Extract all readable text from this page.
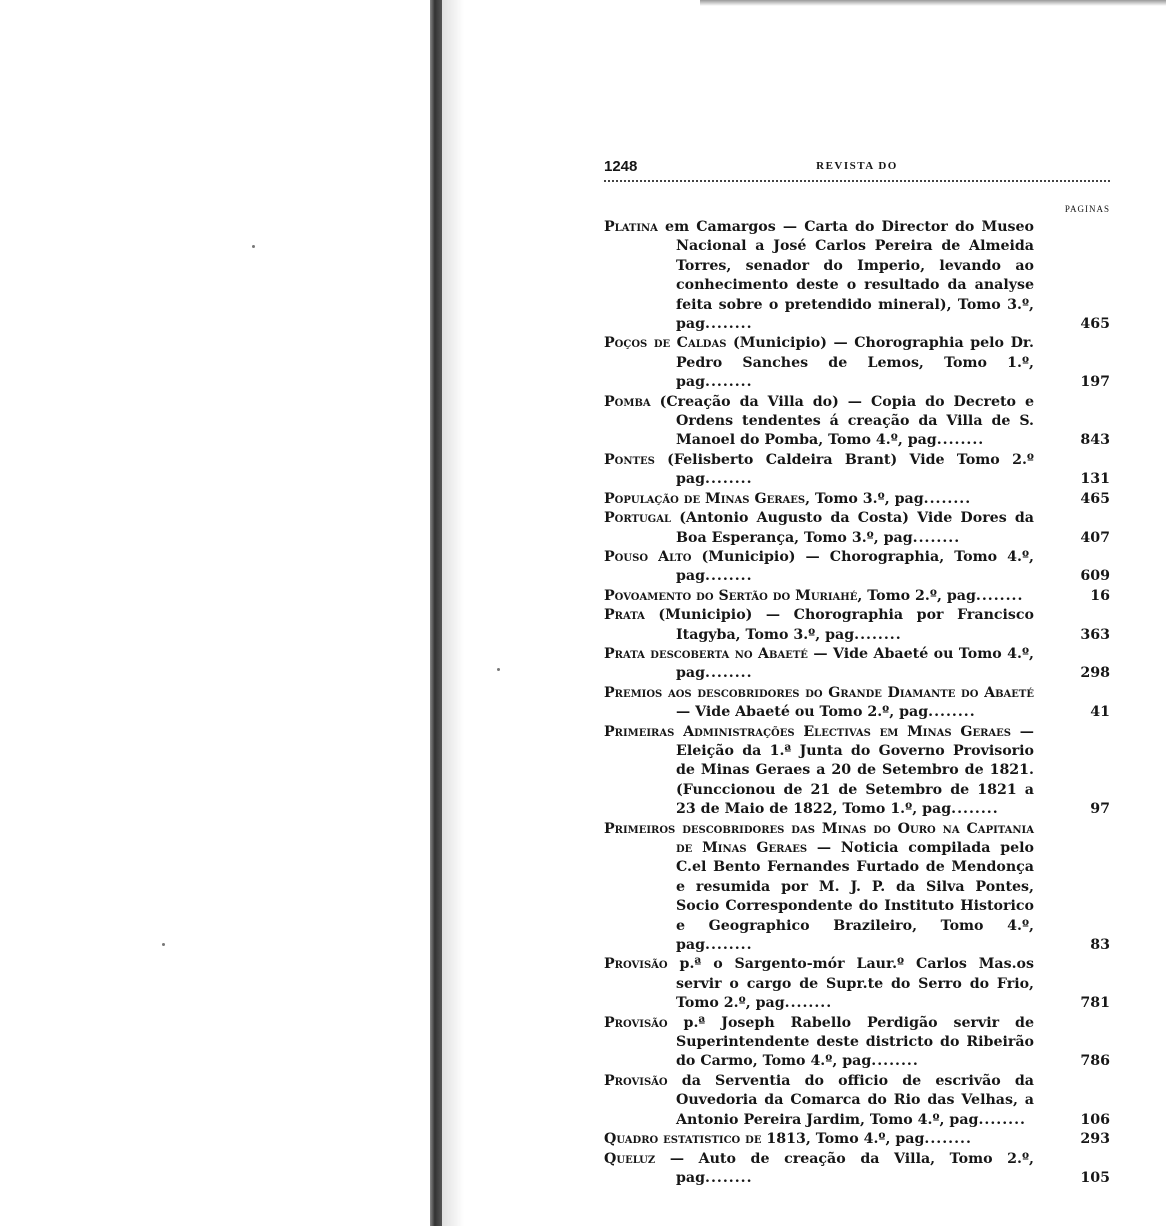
1248	REVISTA DO
PAGINAS
Platina em Camargos — Carta do Director do Museo Nacional a José Carlos Pereira de Almeida Torres, senador do Imperio, levando ao conhecimento deste o resultado da analyse feita sobre o pretendido mineral), Tomo 3.º, pag........	465
Poços de Caldas (Municipio) — Chorographia pelo Dr. Pedro Sanches de Lemos, Tomo 1.º, pag........	197
Pomba (Creação da Villa do) — Copia do Decreto e Ordens tendentes á creação da Villa de S. Manoel do Pomba, Tomo 4.º, pag........	843
Pontes (Felisberto Caldeira Brant) Vide Tomo 2.º pag........	131
População de Minas Geraes, Tomo 3.º, pag........	465
Portugal (Antonio Augusto da Costa) Vide Dores da Boa Esperança, Tomo 3.º, pag........	407
Pouso Alto (Municipio) — Chorographia, Tomo 4.º, pag........	609
Povoamento do Sertão do Muriahé, Tomo 2.º, pag........	16
Prata (Municipio) — Chorographia por Francisco Itagyba, Tomo 3.º, pag........	363
Prata descoberta no Abaeté — Vide Abaeté ou Tomo 4.º, pag........	298
Premios aos descobridores do Grande Diamante do Abaeté — Vide Abaeté ou Tomo 2.º, pag........	41
Primeiras Administrações Electivas em Minas Geraes — Eleição da 1.ª Junta do Governo Provisorio de Minas Geraes a 20 de Setembro de 1821. (Funccionou de 21 de Setembro de 1821 a 23 de Maio de 1822, Tomo 1.º, pag........	97
Primeiros descobridores das Minas do Ouro na Capitania de Minas Geraes — Noticia compilada pelo C.el Bento Fernandes Furtado de Mendonça e resumida por M. J. P. da Silva Pontes, Socio Correspondente do Instituto Historico e Geographico Brazileiro, Tomo 4.º, pag........	83
Provisão p.ª o Sargento-mór Laur.º Carlos Mas.os servir o cargo de Supr.te do Serro do Frio, Tomo 2.º, pag........	781
Provisão p.ª Joseph Rabello Perdigão servir de Superintendente deste districto do Ribeirão do Carmo, Tomo 4.º, pag........	786
Provisão da Serventia do officio de escrivão da Ouvedoria da Comarca do Rio das Velhas, a Antonio Pereira Jardim, Tomo 4.º, pag........	106
Quadro estatistico de 1813, Tomo 4.º, pag........	293
Queluz — Auto de creação da Villa, Tomo 2.º, pag........	105
